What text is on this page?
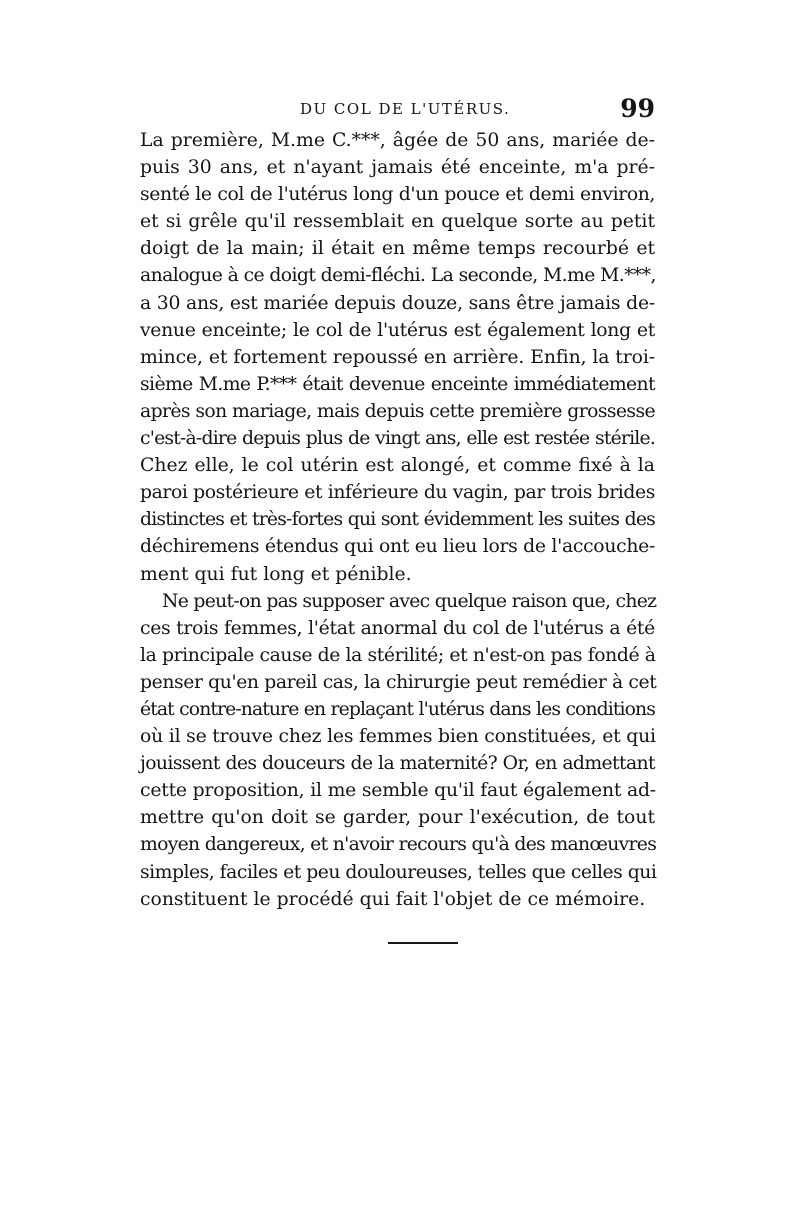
DU COL DE L'UTÉRUS.	99
La première, M.me C.***, âgée de 50 ans, mariée de-
puis 30 ans, et n'ayant jamais été enceinte, m'a pré-
senté le col de l'utérus long d'un pouce et demi environ,
et si grêle qu'il ressemblait en quelque sorte au petit
doigt de la main; il était en même temps recourbé et
analogue à ce doigt demi-fléchi. La seconde, M.me M.***,
a 30 ans, est mariée depuis douze, sans être jamais de-
venue enceinte; le col de l'utérus est également long et
mince, et fortement repoussé en arrière. Enfin, la troi-
sième M.me P.*** était devenue enceinte immédiatement
après son mariage, mais depuis cette première grossesse
c'est-à-dire depuis plus de vingt ans, elle est restée stérile.
Chez elle, le col utérin est alongé, et comme fixé à la
paroi postérieure et inférieure du vagin, par trois brides
distinctes et très-fortes qui sont évidemment les suites des
déchiremens étendus qui ont eu lieu lors de l'accouche-
ment qui fut long et pénible.
Ne peut-on pas supposer avec quelque raison que, chez
ces trois femmes, l'état anormal du col de l'utérus a été
la principale cause de la stérilité; et n'est-on pas fondé à
penser qu'en pareil cas, la chirurgie peut remédier à cet
état contre-nature en replaçant l'utérus dans les conditions
où il se trouve chez les femmes bien constituées, et qui
jouissent des douceurs de la maternité? Or, en admettant
cette proposition, il me semble qu'il faut également ad-
mettre qu'on doit se garder, pour l'exécution, de tout
moyen dangereux, et n'avoir recours qu'à des manœuvres
simples, faciles et peu douloureuses, telles que celles qui
constituent le procédé qui fait l'objet de ce mémoire.
